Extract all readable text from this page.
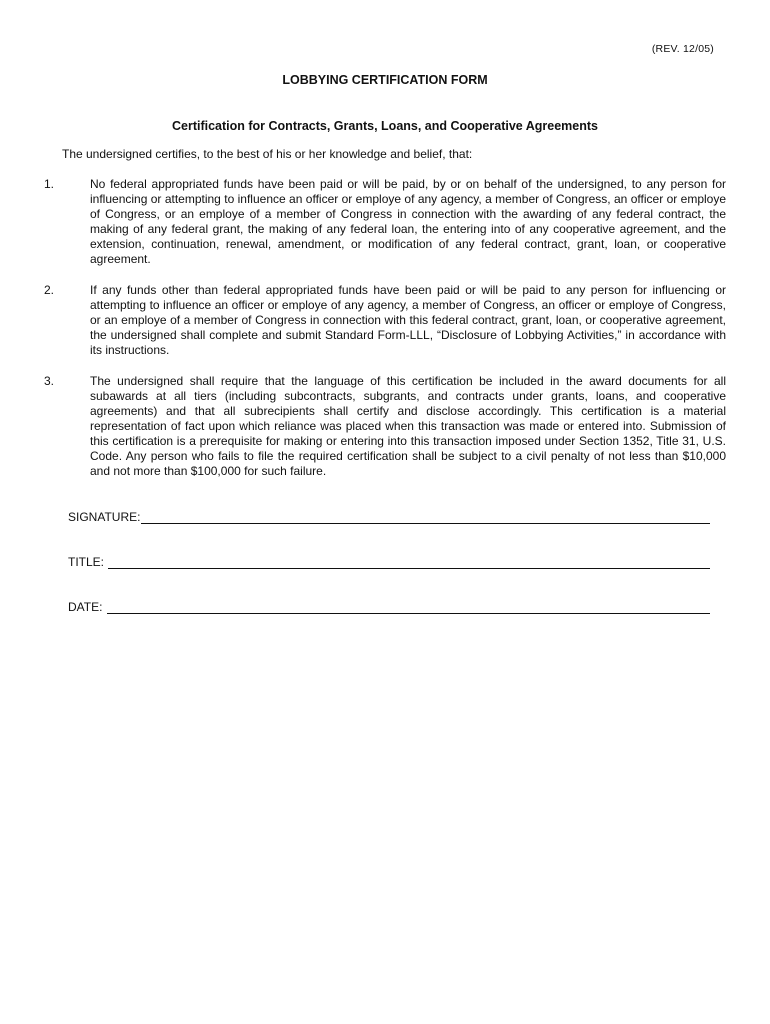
(REV. 12/05)
LOBBYING CERTIFICATION FORM
Certification for Contracts, Grants, Loans, and Cooperative Agreements
The undersigned certifies, to the best of his or her knowledge and belief, that:
1.	No federal appropriated funds have been paid or will be paid, by or on behalf of the undersigned, to any person for influencing or attempting to influence an officer or employe of any agency, a member of Congress, an officer or employe of Congress, or an employe of a member of Congress in connection with the awarding of any federal contract, the making of any federal grant, the making of any federal loan, the entering into of any cooperative agreement, and the extension, continuation, renewal, amendment, or modification of any federal contract, grant, loan, or cooperative agreement.
2.	If any funds other than federal appropriated funds have been paid or will be paid to any person for influencing or attempting to influence an officer or employe of any agency, a member of Congress, an officer or employe of Congress, or an employe of a member of Congress in connection with this federal contract, grant, loan, or cooperative agreement, the undersigned shall complete and submit Standard Form-LLL, “Disclosure of Lobbying Activities,” in accordance with its instructions.
3.	The undersigned shall require that the language of this certification be included in the award documents for all subawards at all tiers (including subcontracts, subgrants, and contracts under grants, loans, and cooperative agreements) and that all subrecipients shall certify and disclose accordingly. This certification is a material representation of fact upon which reliance was placed when this transaction was made or entered into. Submission of this certification is a prerequisite for making or entering into this transaction imposed under Section 1352, Title 31, U.S. Code. Any person who fails to file the required certification shall be subject to a civil penalty of not less than $10,000 and not more than $100,000 for such failure.
SIGNATURE:
TITLE:
DATE:
